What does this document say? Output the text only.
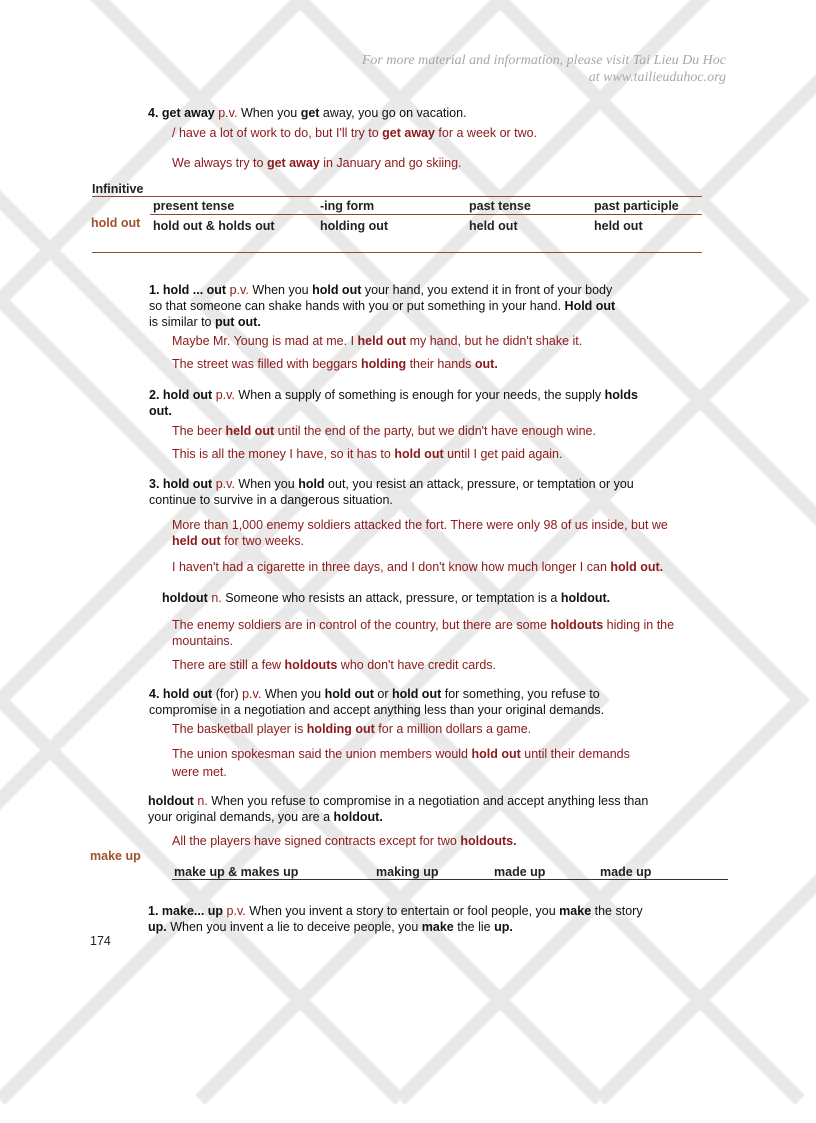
For more material and information, please visit Tai Lieu Du Hoc
at www.tailieuduhoc.org
4. get away p.v. When you get away, you go on vacation.
/ have a lot of work to do, but I'll try to get away for a week or two.
We always try to get away in January and go skiing.
Infinitive
present tense	-ing form	past tense	past participle
hold out hold out & holds out	holding out	held out	held out
1. hold ... out p.v. When you hold out your hand, you extend it in front of your body
so that someone can shake hands with you or put something in your hand. Hold out
is similar to put out.
Maybe Mr. Young is mad at me. I held out my hand, but he didn't shake it.
The street was filled with beggars holding their hands out.
2. hold out p.v. When a supply of something is enough for your needs, the supply holds
out.
The beer held out until the end of the party, but we didn't have enough wine.
This is all the money I have, so it has to hold out until I get paid again.
3. hold out p.v. When you hold out, you resist an attack, pressure, or temptation or you
continue to survive in a dangerous situation.
More than 1,000 enemy soldiers attacked the fort. There were only 98 of us inside, but we
held out for two weeks.
I haven't had a cigarette in three days, and I don't know how much longer I can hold out.
holdout n. Someone who resists an attack, pressure, or temptation is a holdout.
The enemy soldiers are in control of the country, but there are some holdouts hiding in the
mountains.
There are still a few holdouts who don't have credit cards.
4. hold out (for) p.v. When you hold out or hold out for something, you refuse to
compromise in a negotiation and accept anything less than your original demands.
The basketball player is holding out for a million dollars a game.
The union spokesman said the union members would hold out until their demands
were met.
holdout n. When you refuse to compromise in a negotiation and accept anything less than
your original demands, you are a holdout.
All the players have signed contracts except for two holdouts.
make up
make up & makes up	making up	made up	made up
1. make... up p.v. When you invent a story to entertain or fool people, you make the story
up. When you invent a lie to deceive people, you make the lie up.
174
